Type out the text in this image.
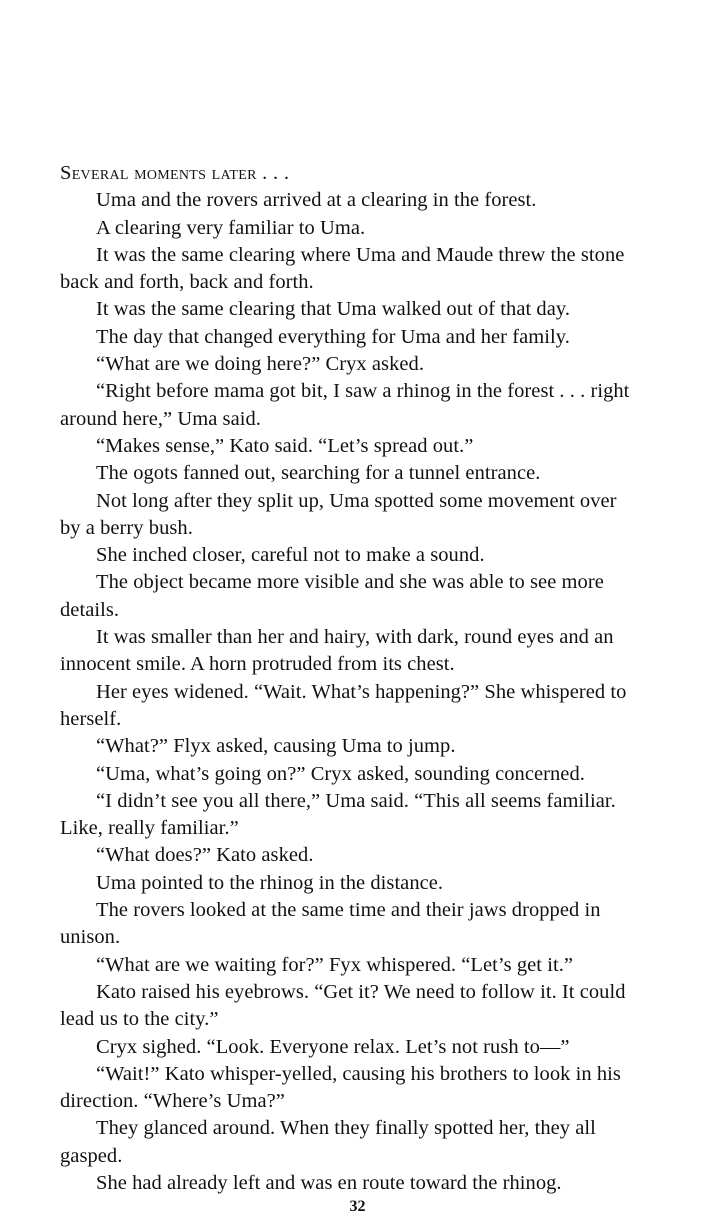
Several moments later . . .

Uma and the rovers arrived at a clearing in the forest.

A clearing very familiar to Uma.

It was the same clearing where Uma and Maude threw the stone back and forth, back and forth.

It was the same clearing that Uma walked out of that day.

The day that changed everything for Uma and her family.

“What are we doing here?” Cryx asked.

“Right before mama got bit, I saw a rhinog in the forest . . . right around here,” Uma said.

“Makes sense,” Kato said. “Let’s spread out.”

The ogots fanned out, searching for a tunnel entrance.

Not long after they split up, Uma spotted some movement over by a berry bush.

She inched closer, careful not to make a sound.

The object became more visible and she was able to see more details.

It was smaller than her and hairy, with dark, round eyes and an innocent smile. A horn protruded from its chest.

Her eyes widened. “Wait. What’s happening?” She whispered to herself.

“What?” Flyx asked, causing Uma to jump.

“Uma, what’s going on?” Cryx asked, sounding concerned.

“I didn’t see you all there,” Uma said. “This all seems familiar. Like, really familiar.”

“What does?” Kato asked.

Uma pointed to the rhinog in the distance.

The rovers looked at the same time and their jaws dropped in unison.

“What are we waiting for?” Fyx whispered. “Let’s get it.”

Kato raised his eyebrows. “Get it? We need to follow it. It could lead us to the city.”

Cryx sighed. “Look. Everyone relax. Let’s not rush to—”

“Wait!” Kato whisper-yelled, causing his brothers to look in his direction. “Where’s Uma?”

They glanced around. When they finally spotted her, they all gasped.

She had already left and was en route toward the rhinog.

32
